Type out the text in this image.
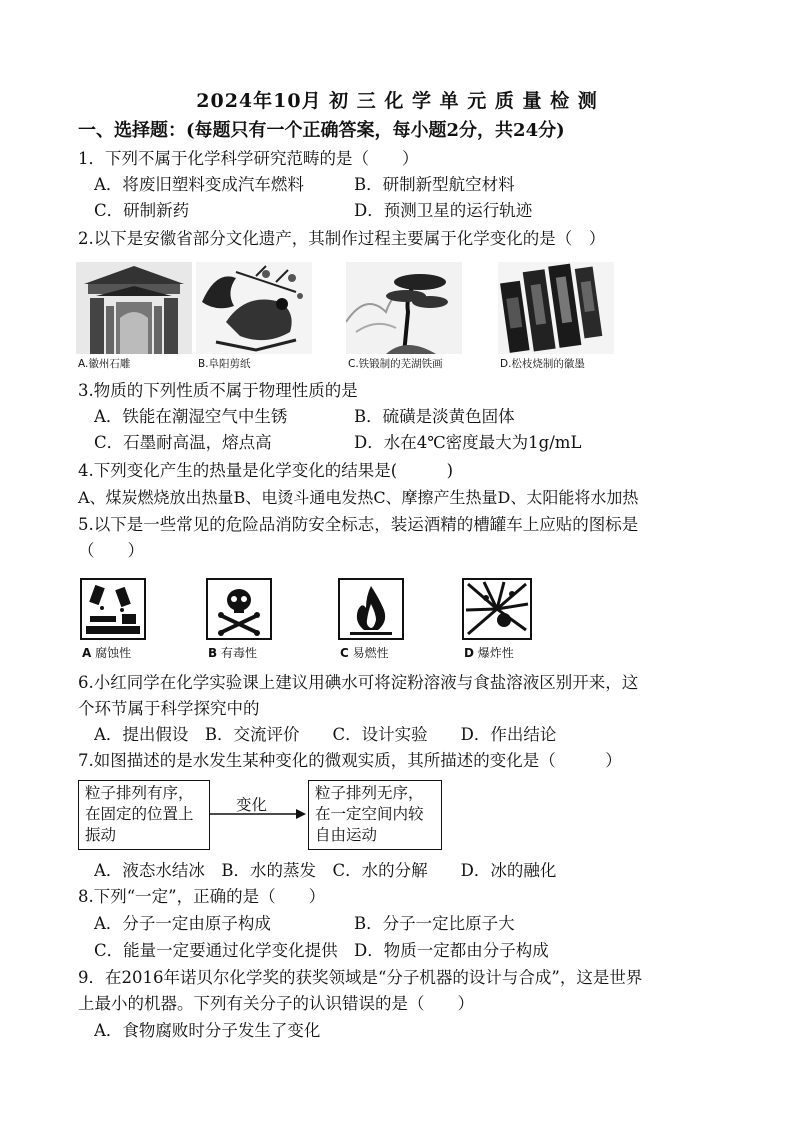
2024年10月 初 三 化 学 单 元 质 量 检 测
一、选择题：(每题只有一个正确答案，每小题2分，共24分)
1．下列不属于化学科学研究范畴的是（　　）
A．将废旧塑料变成汽车燃料	B．研制新型航空材料
C．研制新药	D．预测卫星的运行轨迹
2.以下是安徽省部分文化遗产，其制作过程主要属于化学变化的是（　）
A.徽州石雕	B.阜阳剪纸	C.铁锻制的芜湖铁画	D.松枝烧制的徽墨
3.物质的下列性质不属于物理性质的是
A．铁能在潮湿空气中生锈	B．硫磺是淡黄色固体
C．石墨耐高温，熔点高	D．水在4℃密度最大为1g/mL
4.下列变化产生的热量是化学变化的结果是(　　　)
A、煤炭燃烧放出热量B、电烫斗通电发热C、摩擦产生热量D、太阳能将水加热
5.以下是一些常见的危险品消防安全标志，装运酒精的槽罐车上应贴的图标是
（　　）
A 腐蚀性	B 有毒性	C 易燃性	D 爆炸性
6.小红同学在化学实验课上建议用碘水可将淀粉溶液与食盐溶液区别开来，这
个环节属于科学探究中的
A．提出假设　B．交流评价　　C．设计实验　　D．作出结论
7.如图描述的是水发生某种变化的微观实质，其所描述的变化是（　　　）
粒子排列有序，
在固定的位置上
振动
变化
粒子排列无序，
在一定空间内较
自由运动
A．液态水结冰　B．水的蒸发　C．水的分解　　D．冰的融化
8.下列“一定”，正确的是（　　）
A．分子一定由原子构成	B．分子一定比原子大
C．能量一定要通过化学变化提供 D．物质一定都由分子构成
9．在2016年诺贝尔化学奖的获奖领域是“分子机器的设计与合成”，这是世界
上最小的机器。下列有关分子的认识错误的是（　　）
A．食物腐败时分子发生了变化
